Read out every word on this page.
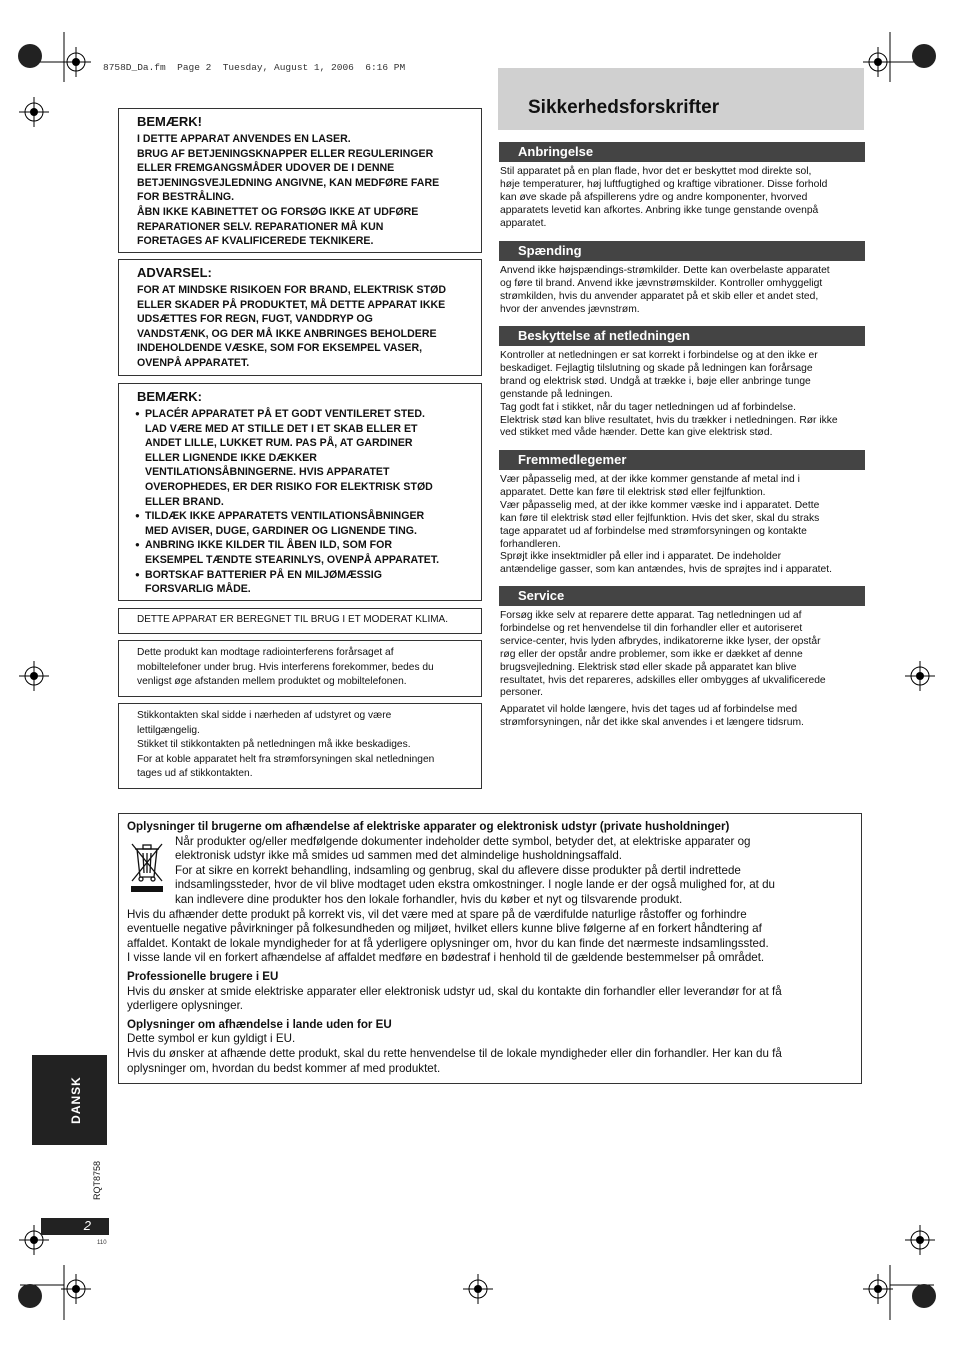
8758D_Da.fm  Page 2  Tuesday, August 1, 2006  6:16 PM
BEMÆRK!
I DETTE APPARAT ANVENDES EN LASER.
BRUG AF BETJENINGSKNAPPER ELLER REGULERINGER
ELLER FREMGANGSMÅDER UDOVER DE I DENNE
BETJENINGSVEJLEDNING ANGIVNE, KAN MEDFØRE FARE
FOR BESTRÅLING.
ÅBN IKKE KABINETTET OG FORSØG IKKE AT UDFØRE
REPARATIONER SELV. REPARATIONER MÅ KUN
FORETAGES AF KVALIFICEREDE TEKNIKERE.
ADVARSEL:
FOR AT MINDSKE RISIKOEN FOR BRAND, ELEKTRISK STØD
ELLER SKADER PÅ PRODUKTET, MÅ DETTE APPARAT IKKE
UDSÆTTES FOR REGN, FUGT, VANDDRYP OG
VANDSTÆNK, OG DER MÅ IKKE ANBRINGES BEHOLDERE
INDEHOLDENDE VÆSKE, SOM FOR EKSEMPEL VASER,
OVENPÅ APPARATET.
BEMÆRK:
● PLACÉR APPARATET PÅ ET GODT VENTILERET STED.
LAD VÆRE MED AT STILLE DET I ET SKAB ELLER ET
ANDET LILLE, LUKKET RUM. PAS PÅ, AT GARDINER
ELLER LIGNENDE IKKE DÆKKER
VENTILATIONSÅBNINGERNE. HVIS APPARATET
OVEROPHEDES, ER DER RISIKO FOR ELEKTRISK STØD
ELLER BRAND.
● TILDÆK IKKE APPARATETS VENTILATIONSÅBNINGER
MED AVISER, DUGE, GARDINER OG LIGNENDE TING.
● ANBRING IKKE KILDER TIL ÅBEN ILD, SOM FOR
EKSEMPEL TÆNDTE STEARINLYS, OVENPÅ APPARATET.
● BORTSKAF BATTERIER PÅ EN MILJØMÆSSIG
FORSVARLIG MÅDE.
DETTE APPARAT ER BEREGNET TIL BRUG I ET MODERAT KLIMA.
Dette produkt kan modtage radiointerferens forårsaget af
mobiltelefoner under brug. Hvis interferens forekommer, bedes du
venligst øge afstanden mellem produktet og mobiltelefonen.
Stikkontakten skal sidde i nærheden af udstyret og være
lettilgængelig.
Stikket til stikkontakten på netledningen må ikke beskadiges.
For at koble apparatet helt fra strømforsyningen skal netledningen
tages ud af stikkontakten.
Sikkerhedsforskrifter
Anbringelse

Stil apparatet på en plan flade, hvor det er beskyttet mod direkte sol,

høje temperaturer, høj luftfugtighed og kraftige vibrationer. Disse forhold

kan øve skade på afspillerens ydre og andre komponenter, hvorved

apparatets levetid kan afkortes. Anbring ikke tunge genstande ovenpå

apparatet.

Spænding

Anvend ikke højspændings-strømkilder. Dette kan overbelaste apparatet

og føre til brand. Anvend ikke jævnstrømskilder. Kontroller omhyggeligt

strømkilden, hvis du anvender apparatet på et skib eller et andet sted,

hvor der anvendes jævnstrøm.

Beskyttelse af netledningen

Kontroller at netledningen er sat korrekt i forbindelse og at den ikke er

beskadiget. Fejlagtig tilslutning og skade på ledningen kan forårsage

brand og elektrisk stød. Undgå at trække i, bøje eller anbringe tunge

genstande på ledningen.

Tag godt fat i stikket, når du tager netledningen ud af forbindelse.

Elektrisk stød kan blive resultatet, hvis du trækker i netledningen. Rør ikke

ved stikket med våde hænder. Dette kan give elektrisk stød.

Fremmedlegemer

Vær påpasselig med, at der ikke kommer genstande af metal ind i

apparatet. Dette kan føre til elektrisk stød eller fejlfunktion.

Vær påpasselig med, at der ikke kommer væske ind i apparatet. Dette

kan føre til elektrisk stød eller fejlfunktion. Hvis det sker, skal du straks

tage apparatet ud af forbindelse med strømforsyningen og kontakte

forhandleren.

Sprøjt ikke insektmidler på eller ind i apparatet. De indeholder

antændelige gasser, som kan antændes, hvis de sprøjtes ind i apparatet.

Service

Forsøg ikke selv at reparere dette apparat. Tag netledningen ud af

forbindelse og ret henvendelse til din forhandler eller et autoriseret

service-center, hvis lyden afbrydes, indikatorerne ikke lyser, der opstår

røg eller der opstår andre problemer, som ikke er dækket af denne

brugsvejledning. Elektrisk stød eller skade på apparatet kan blive

resultatet, hvis det repareres, adskilles eller ombygges af ukvalificerede

personer.

Apparatet vil holde længere, hvis det tages ud af forbindelse med

strømforsyningen, når det ikke skal anvendes i et længere tidsrum.

Oplysninger til brugerne om afhændelse af elektriske apparater og elektronisk udstyr (private husholdninger)

Når produkter og/eller medfølgende dokumenter indeholder dette symbol, betyder det, at elektriske apparater og
elektronisk udstyr ikke må smides ud sammen med det almindelige husholdningsaffald.
For at sikre en korrekt behandling, indsamling og genbrug, skal du aflevere disse produkter på dertil indrettede
indsamlingssteder, hvor de vil blive modtaget uden ekstra omkostninger. I nogle lande er der også mulighed for, at du
kan indlevere dine produkter hos den lokale forhandler, hvis du køber et nyt og tilsvarende produkt.
Hvis du afhænder dette produkt på korrekt vis, vil det være med at spare på de værdifulde naturlige råstoffer og forhindre
eventuelle negative påvirkninger på folkesundheden og miljøet, hvilket ellers kunne blive følgerne af en forkert håndtering af
affaldet. Kontakt de lokale myndigheder for at få yderligere oplysninger om, hvor du kan finde det nærmeste indsamlingssted.
I visse lande vil en forkert afhændelse af affaldet medføre en bødestraf i henhold til de gældende bestemmelser på området.

Professionelle brugere i EU

Hvis du ønsker at smide elektriske apparater eller elektronisk udstyr ud, skal du kontakte din forhandler eller leverandør for at få
yderligere oplysninger.

Oplysninger om afhændelse i lande uden for EU

Dette symbol er kun gyldigt i EU.
Hvis du ønsker at afhænde dette produkt, skal du rette henvendelse til de lokale myndigheder eller din forhandler. Her kan du få
oplysninger om, hvordan du bedst kommer af med produktet.
DANSK
RQT8758
2
110
